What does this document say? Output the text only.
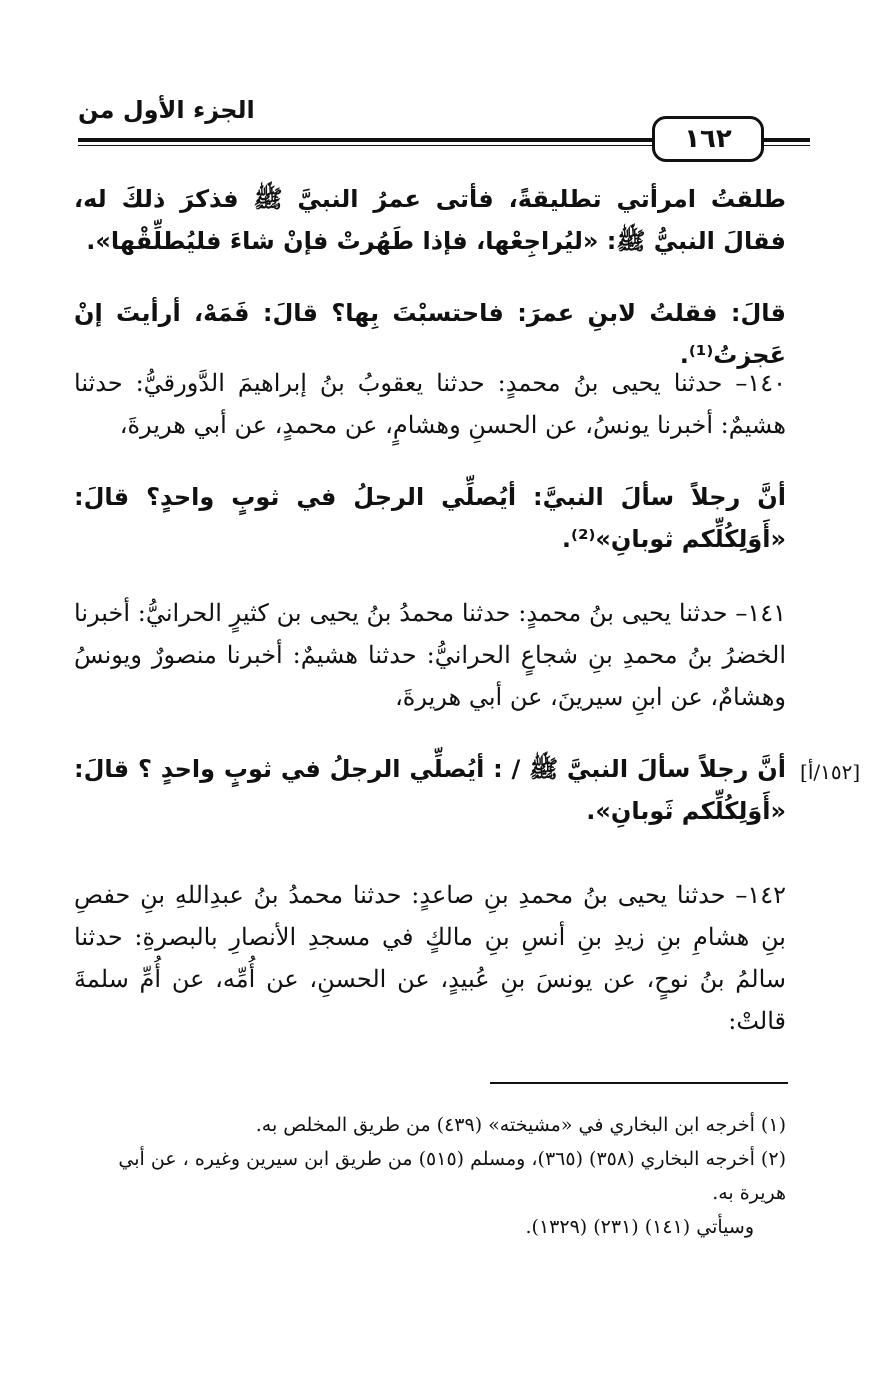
الجزء الأول من
١٦٢
طلقتُ امرأتي تطليقةً، فأتى عمرُ النبيَّ ﷺ فذكرَ ذلكَ له، فقالَ النبيُّ ﷺ: «ليُراجِعْها، فإذا طَهُرتْ فإنْ شاءَ فليُطلِّقْها».
قالَ: فقلتُ لابنِ عمرَ: فاحتسبْتَ بِها؟ قالَ: فَمَهْ، أرأيتَ إنْ عَجزتُ⁽¹⁾.
١٤٠– حدثنا يحيى بنُ محمدٍ: حدثنا يعقوبُ بنُ إبراهيمَ الدَّورقيُّ: حدثنا هشيمٌ: أخبرنا يونسُ، عن الحسنِ وهشامٍ، عن محمدٍ، عن أبي هريرةَ،
أنَّ رجلاً سألَ النبيَّ: أيُصلِّي الرجلُ في ثوبٍ واحدٍ؟ قالَ: «أَوَلِكُلِّكم ثوبانِ»⁽²⁾.
١٤١– حدثنا يحيى بنُ محمدٍ: حدثنا محمدُ بنُ يحيى بن كثيرٍ الحرانيُّ: أخبرنا الخضرُ بنُ محمدِ بنِ شجاعٍ الحرانيُّ: حدثنا هشيمٌ: أخبرنا منصورٌ ويونسُ وهشامٌ، عن ابنِ سيرينَ، عن أبي هريرةَ،
أنَّ رجلاً سألَ النبيَّ ﷺ / : أيُصلِّي الرجلُ في ثوبٍ واحدٍ ؟ قالَ: «أَوَلِكُلِّكم ثَوبانِ».
[١٥٢/أ]
١٤٢– حدثنا يحيى بنُ محمدِ بنِ صاعدٍ: حدثنا محمدُ بنُ عبدِاللهِ بنِ حفصِ بنِ هشامِ بنِ زيدِ بنِ أنسِ بنِ مالكٍ في مسجدِ الأنصارِ بالبصرةِ: حدثنا سالمُ بنُ نوحٍ، عن يونسَ بنِ عُبيدٍ، عن الحسنِ، عن أُمِّه، عن أُمِّ سلمةَ قالتْ:

(١) أخرجه ابن البخاري في «مشيخته» (٤٣٩) من طريق المخلص به.

(٢) أخرجه البخاري (٣٥٨) (٣٦٥)، ومسلم (٥١٥) من طريق ابن سيرين وغيره ، عن أبي هريرة به.

وسيأتي (١٤١) (٢٣١) (١٣٢٩).
